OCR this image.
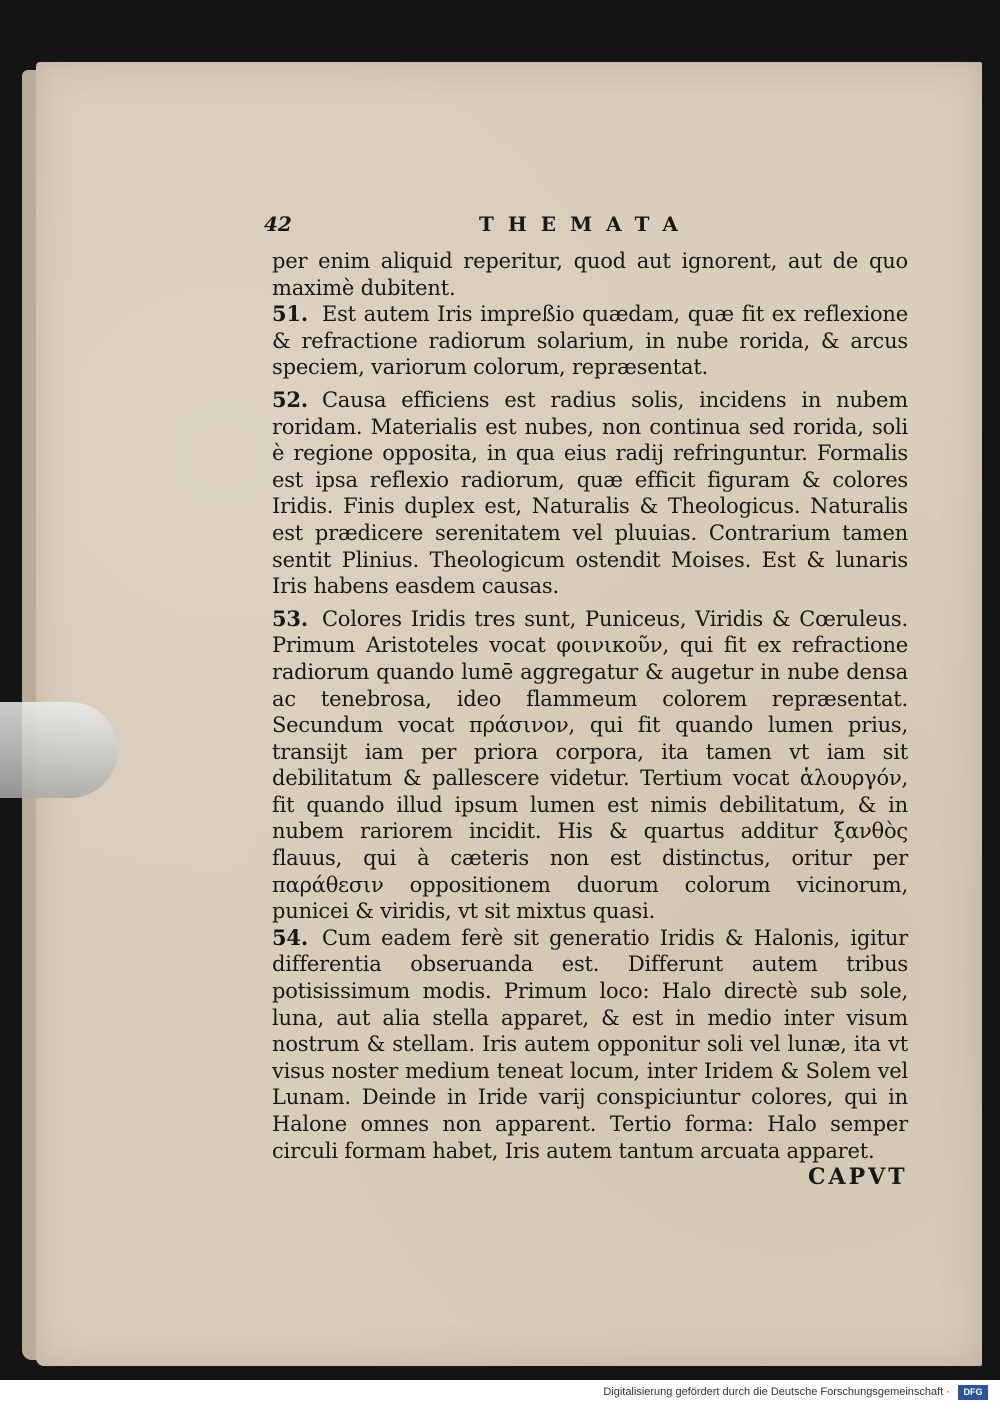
42	THEMATA

per enim aliquid reperitur, quod aut ignorent, aut de quo maximè dubitent.

51. Est autem Iris impreßio quædam, quæ fit ex reflexione & refractione radiorum solarium, in nube rorida, & arcus speciem, variorum colorum, repræsentat.

52. Causa efficiens est radius solis, incidens in nubem roridam. Materialis est nubes, non continua sed rorida, soli è regione opposita, in qua eius radij refringuntur. Formalis est ipsa reflexio radiorum, quæ efficit figuram & colores Iridis. Finis duplex est, Naturalis & Theologicus. Naturalis est prædicere serenitatem vel pluuias. Contrarium tamen sentit Plinius. Theologicum ostendit Moises. Est & lunaris Iris habens easdem causas.

53. Colores Iridis tres sunt, Puniceus, Viridis & Cœruleus. Primum Aristoteles vocat φοινικοῦν, qui fit ex refractione radiorum quando lumē aggregatur & augetur in nube densa ac tenebrosa, ideo flammeum colorem repræsentat. Secundum vocat πράσινον, qui fit quando lumen prius, transijt iam per priora corpora, ita tamen vt iam sit debilitatum & pallescere videtur. Tertium vocat ἁλουργόν, fit quando illud ipsum lumen est nimis debilitatum, & in nubem rariorem incidit. His & quartus additur ξανθὸς flauus, qui à cæteris non est distinctus, oritur per παράθεσιν oppositionem duorum colorum vicinorum, punicei & viridis, vt sit mixtus quasi.

54. Cum eadem ferè sit generatio Iridis & Halonis, igitur differentia obseruanda est. Differunt autem tribus potisissimum modis. Primum loco: Halo directè sub sole, luna, aut alia stella apparet, & est in medio inter visum nostrum & stellam. Iris autem opponitur soli vel lunæ, ita vt visus noster medium teneat locum, inter Iridem & Solem vel Lunam. Deinde in Iride varij conspiciuntur colores, qui in Halone omnes non apparent. Tertio forma: Halo semper circuli formam habet, Iris autem tantum arcuata apparet.

CAPVT
Digitalisierung gefördert durch die Deutsche Forschungsgemeinschaft ·	DFG
